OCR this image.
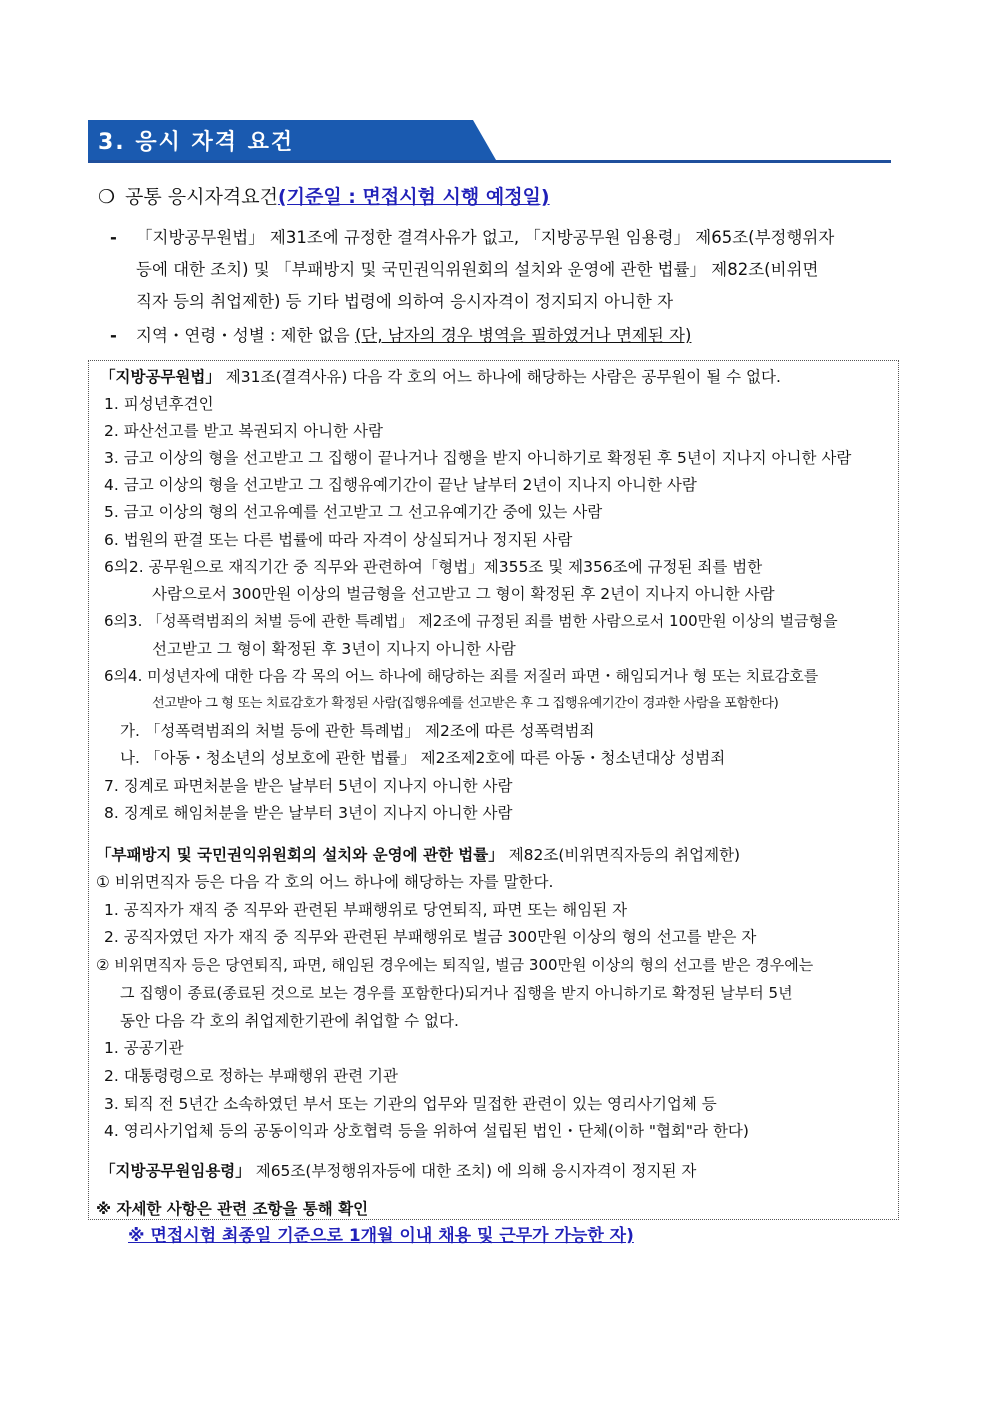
3. 응시 자격 요건
❍ 공통 응시자격요건(기준일 : 면접시험 시행 예정일)
- 「지방공무원법」 제31조에 규정한 결격사유가 없고, 「지방공무원 임용령」 제65조(부정행위자
등에 대한 조치) 및 「부패방지 및 국민권익위원회의 설치와 운영에 관한 법률」 제82조(비위면
직자 등의 취업제한) 등 기타 법령에 의하여 응시자격이 정지되지 아니한 자
- 지역・연령・성별 : 제한 없음 (단, 남자의 경우 병역을 필하였거나 면제된 자)
「지방공무원법」 제31조(결격사유) 다음 각 호의 어느 하나에 해당하는 사람은 공무원이 될 수 없다.
1. 피성년후견인
2. 파산선고를 받고 복권되지 아니한 사람
3. 금고 이상의 형을 선고받고 그 집행이 끝나거나 집행을 받지 아니하기로 확정된 후 5년이 지나지 아니한 사람
4. 금고 이상의 형을 선고받고 그 집행유예기간이 끝난 날부터 2년이 지나지 아니한 사람
5. 금고 이상의 형의 선고유예를 선고받고 그 선고유예기간 중에 있는 사람
6. 법원의 판결 또는 다른 법률에 따라 자격이 상실되거나 정지된 사람
6의2. 공무원으로 재직기간 중 직무와 관련하여「형법」제355조 및 제356조에 규정된 죄를 범한
사람으로서 300만원 이상의 벌금형을 선고받고 그 형이 확정된 후 2년이 지나지 아니한 사람
6의3. 「성폭력범죄의 처벌 등에 관한 특례법」 제2조에 규정된 죄를 범한 사람으로서 100만원 이상의 벌금형을
선고받고 그 형이 확정된 후 3년이 지나지 아니한 사람
6의4. 미성년자에 대한 다음 각 목의 어느 하나에 해당하는 죄를 저질러 파면・해임되거나 형 또는 치료감호를
선고받아 그 형 또는 치료감호가 확정된 사람(집행유예를 선고받은 후 그 집행유예기간이 경과한 사람을 포함한다)
가. 「성폭력범죄의 처벌 등에 관한 특례법」 제2조에 따른 성폭력범죄
나. 「아동・청소년의 성보호에 관한 법률」 제2조제2호에 따른 아동・청소년대상 성범죄
7. 징계로 파면처분을 받은 날부터 5년이 지나지 아니한 사람
8. 징계로 해임처분을 받은 날부터 3년이 지나지 아니한 사람
「부패방지 및 국민권익위원회의 설치와 운영에 관한 법률」 제82조(비위면직자등의 취업제한)
① 비위면직자 등은 다음 각 호의 어느 하나에 해당하는 자를 말한다.
1. 공직자가 재직 중 직무와 관련된 부패행위로 당연퇴직, 파면 또는 해임된 자
2. 공직자였던 자가 재직 중 직무와 관련된 부패행위로 벌금 300만원 이상의 형의 선고를 받은 자
② 비위면직자 등은 당연퇴직, 파면, 해임된 경우에는 퇴직일, 벌금 300만원 이상의 형의 선고를 받은 경우에는
그 집행이 종료(종료된 것으로 보는 경우를 포함한다)되거나 집행을 받지 아니하기로 확정된 날부터 5년
동안 다음 각 호의 취업제한기관에 취업할 수 없다.
1. 공공기관
2. 대통령령으로 정하는 부패행위 관련 기관
3. 퇴직 전 5년간 소속하였던 부서 또는 기관의 업무와 밀접한 관련이 있는 영리사기업체 등
4. 영리사기업체 등의 공동이익과 상호협력 등을 위하여 설립된 법인・단체(이하 "협회"라 한다)
「지방공무원임용령」 제65조(부정행위자등에 대한 조치) 에 의해 응시자격이 정지된 자
※ 자세한 사항은 관련 조항을 통해 확인
※ 면접시험 최종일 기준으로 1개월 이내 채용 및 근무가 가능한 자)
